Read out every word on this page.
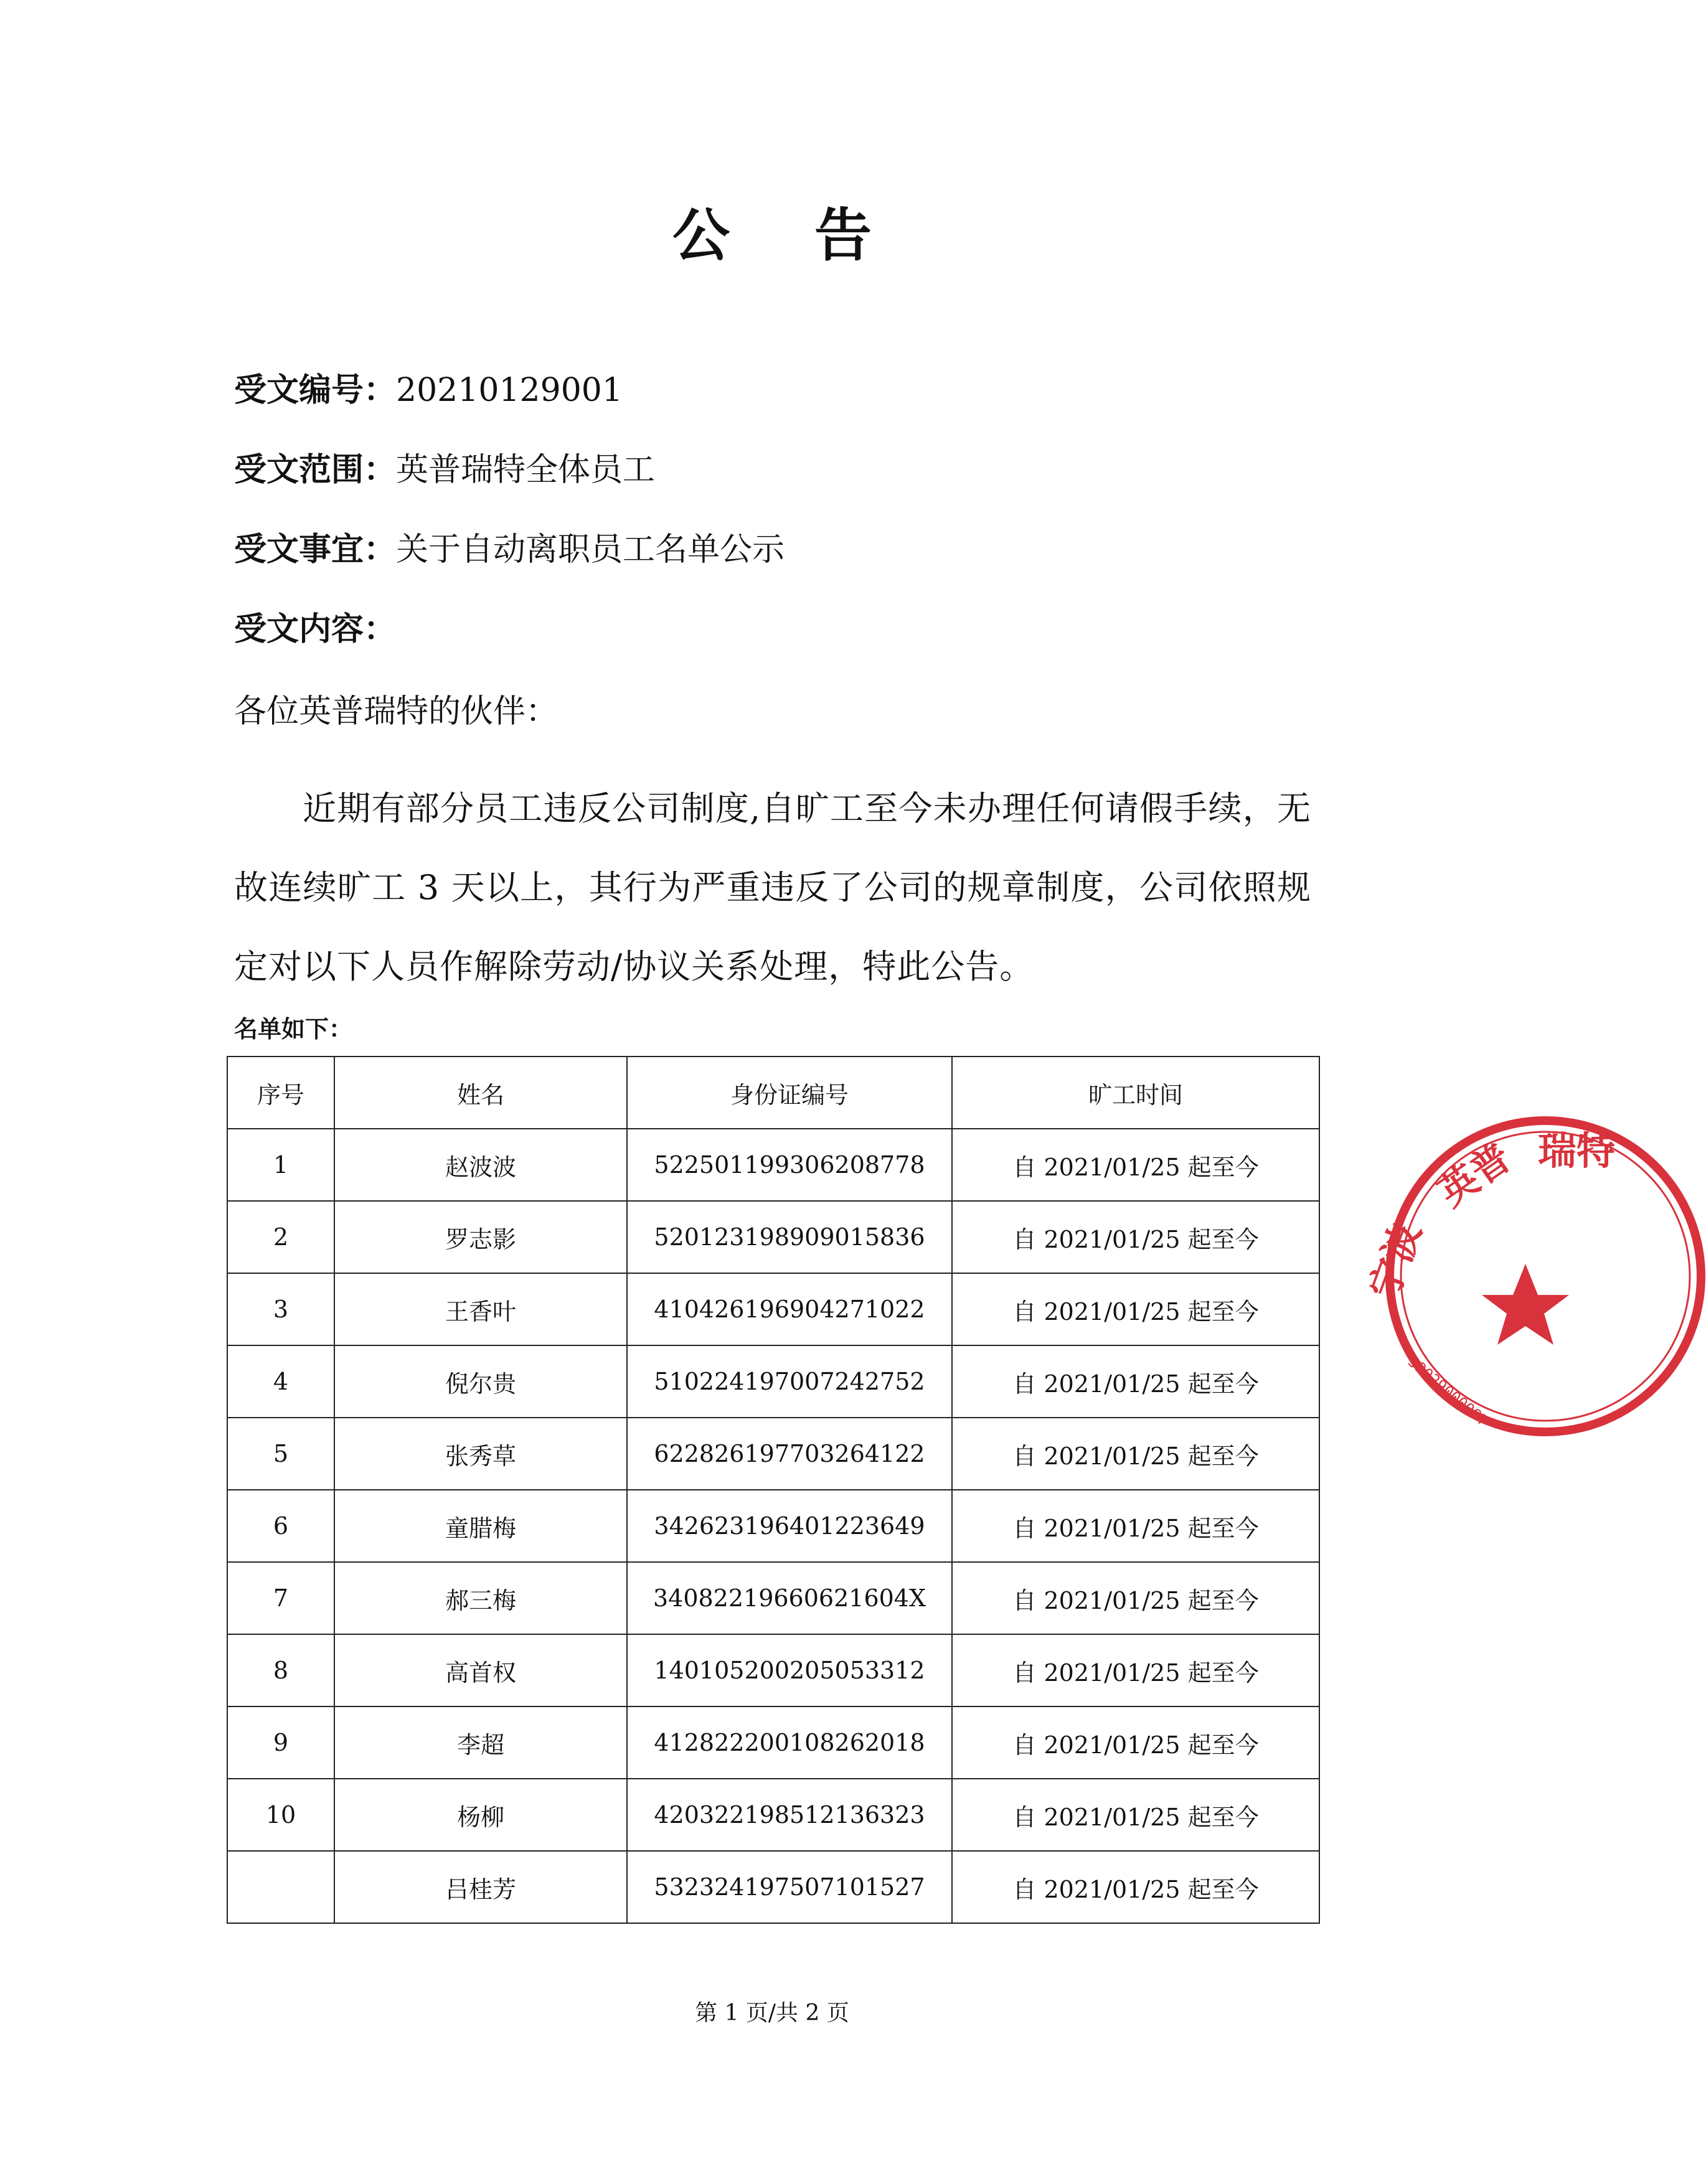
公 告
受文编号：20210129001
受文范围：英普瑞特全体员工
受文事宜：关于自动离职员工名单公示
受文内容：
各位英普瑞特的伙伴：
近期有部分员工违反公司制度,自旷工至今未办理任何请假手续，无故连续旷工 3 天以上，其行为严重违反了公司的规章制度，公司依照规定对以下人员作解除劳动/协议关系处理，特此公告。
名单如下：
序号	姓名	身份证编号	旷工时间
1	赵波波	522501199306208778	自 2021/01/25 起至今
2	罗志影	520123198909015836	自 2021/01/25 起至今
3	王香叶	410426196904271022	自 2021/01/25 起至今
4	倪尔贵	510224197007242752	自 2021/01/25 起至今
5	张秀草	622826197703264122	自 2021/01/25 起至今
6	童腊梅	342623196401223649	自 2021/01/25 起至今
7	郝三梅	34082219660621604X	自 2021/01/25 起至今
8	高首权	140105200205053312	自 2021/01/25 起至今
9	李超	412822200108262018	自 2021/01/25 起至今
10	杨柳	420322198512136323	自 2021/01/25 起至今
	吕桂芳	532324197507101527	自 2021/01/25 起至今
第 1 页/共 2 页
宁波
英普 瑞特
33029000087
